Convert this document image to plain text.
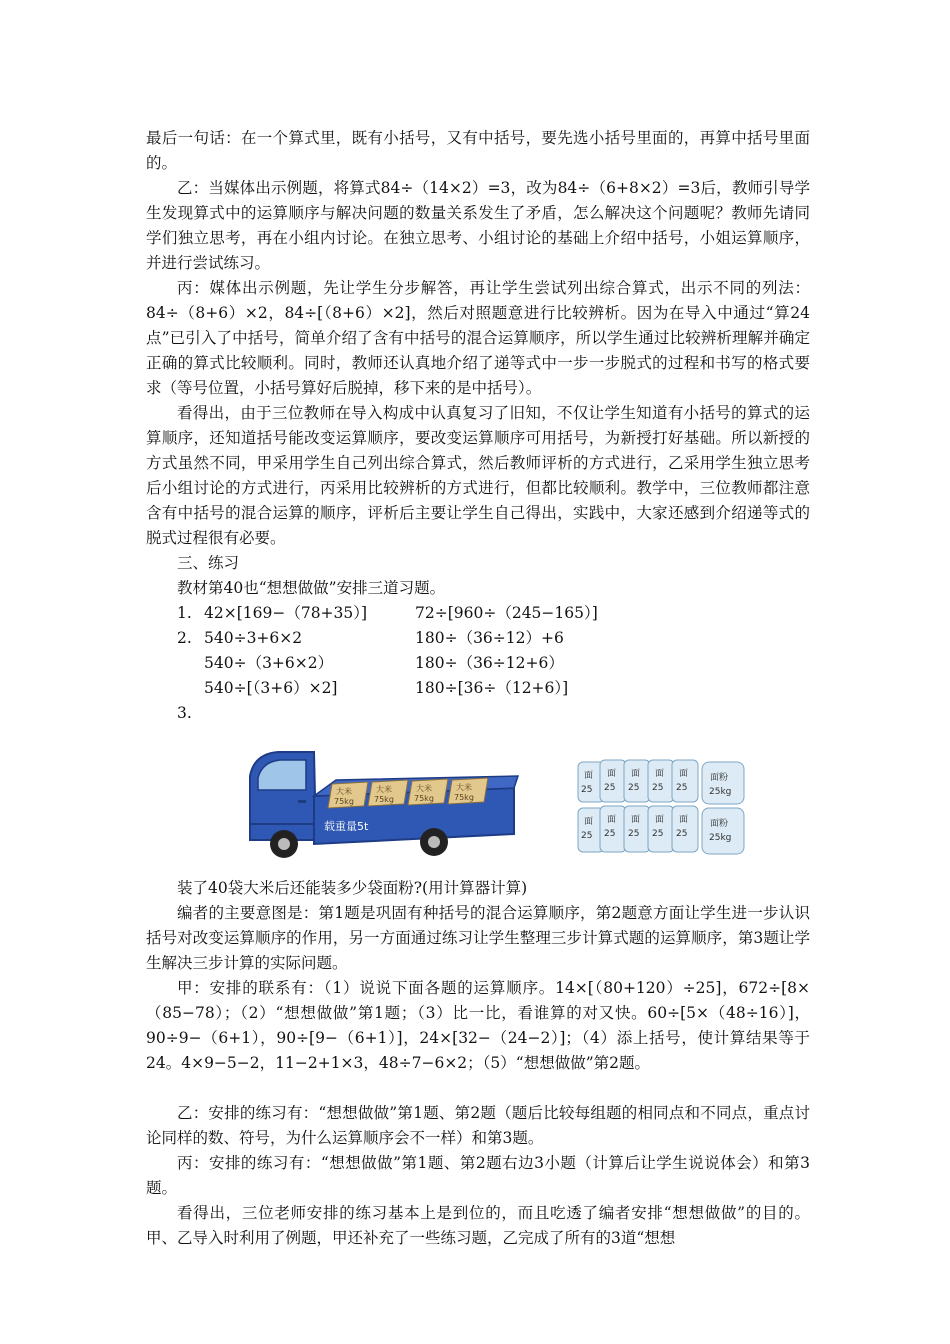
最后一句话：在一个算式里，既有小括号，又有中括号，要先选小括号里面的，再算中括号里面的。

乙：当媒体出示例题，将算式84÷（14×2）=3，改为84÷（6+8×2）=3后，教师引导学生发现算式中的运算顺序与解决问题的数量关系发生了矛盾，怎么解决这个问题呢？教师先请同学们独立思考，再在小组内讨论。在独立思考、小组讨论的基础上介绍中括号，小姐运算顺序，并进行尝试练习。

丙：媒体出示例题，先让学生分步解答，再让学生尝试列出综合算式，出示不同的列法：84÷（8+6）×2，84÷[（8+6）×2]，然后对照题意进行比较辨析。因为在导入中通过“算24点”已引入了中括号，简单介绍了含有中括号的混合运算顺序，所以学生通过比较辨析理解并确定正确的算式比较顺利。同时，教师还认真地介绍了递等式中一步一步脱式的过程和书写的格式要求（等号位置，小括号算好后脱掉，移下来的是中括号）。

看得出，由于三位教师在导入构成中认真复习了旧知，不仅让学生知道有小括号的算式的运算顺序，还知道括号能改变运算顺序，要改变运算顺序可用括号，为新授打好基础。所以新授的方式虽然不同，甲采用学生自己列出综合算式，然后教师评析的方式进行，乙采用学生独立思考后小组讨论的方式进行，丙采用比较辨析的方式进行，但都比较顺利。教学中，三位教师都注意含有中括号的混合运算的顺序，评析后主要让学生自己得出，实践中，大家还感到介绍递等式的脱式过程很有必要。

三、练习

教材第40也“想想做做”安排三道习题。

1. 42×[169−（78+35）]	72÷[960÷（245−165）]
2. 540÷3+6×2	180÷（36÷12）+6
540÷（3+6×2）	180÷（36÷12+6）
540÷[（3+6）×2]	180÷[36÷（12+6）]
3.
大米
75kg
大米
75kg
大米
75kg
大米
75kg
载重量5t
面
25
面
25
面
25
面
25
面
25
面粉
25kg
面
25
面
25
面
25
面
25
面
25
面粉
25kg

装了40袋大米后还能装多少袋面粉?(用计算器计算)

编者的主要意图是：第1题是巩固有种括号的混合运算顺序，第2题意方面让学生进一步认识括号对改变运算顺序的作用，另一方面通过练习让学生整理三步计算式题的运算顺序，第3题让学生解决三步计算的实际问题。

甲：安排的联系有：（1）说说下面各题的运算顺序。14×[（80+120）÷25]，672÷[8×（85−78）；（2）“想想做做”第1题；（3）比一比，看谁算的对又快。60÷[5×（48÷16）]，90÷9−（6+1），90÷[9−（6+1）]，24×[32−（24−2）]；（4）添上括号，使计算结果等于24。4×9−5−2，11−2+1×3，48÷7−6×2；（5）“想想做做”第2题。

乙：安排的练习有：“想想做做”第1题、第2题（题后比较每组题的相同点和不同点，重点讨论同样的数、符号，为什么运算顺序会不一样）和第3题。

丙：安排的练习有：“想想做做”第1题、第2题右边3小题（计算后让学生说说体会）和第3题。

看得出，三位老师安排的练习基本上是到位的，而且吃透了编者安排“想想做做”的目的。甲、乙导入时利用了例题，甲还补充了一些练习题，乙完成了所有的3道“想想
